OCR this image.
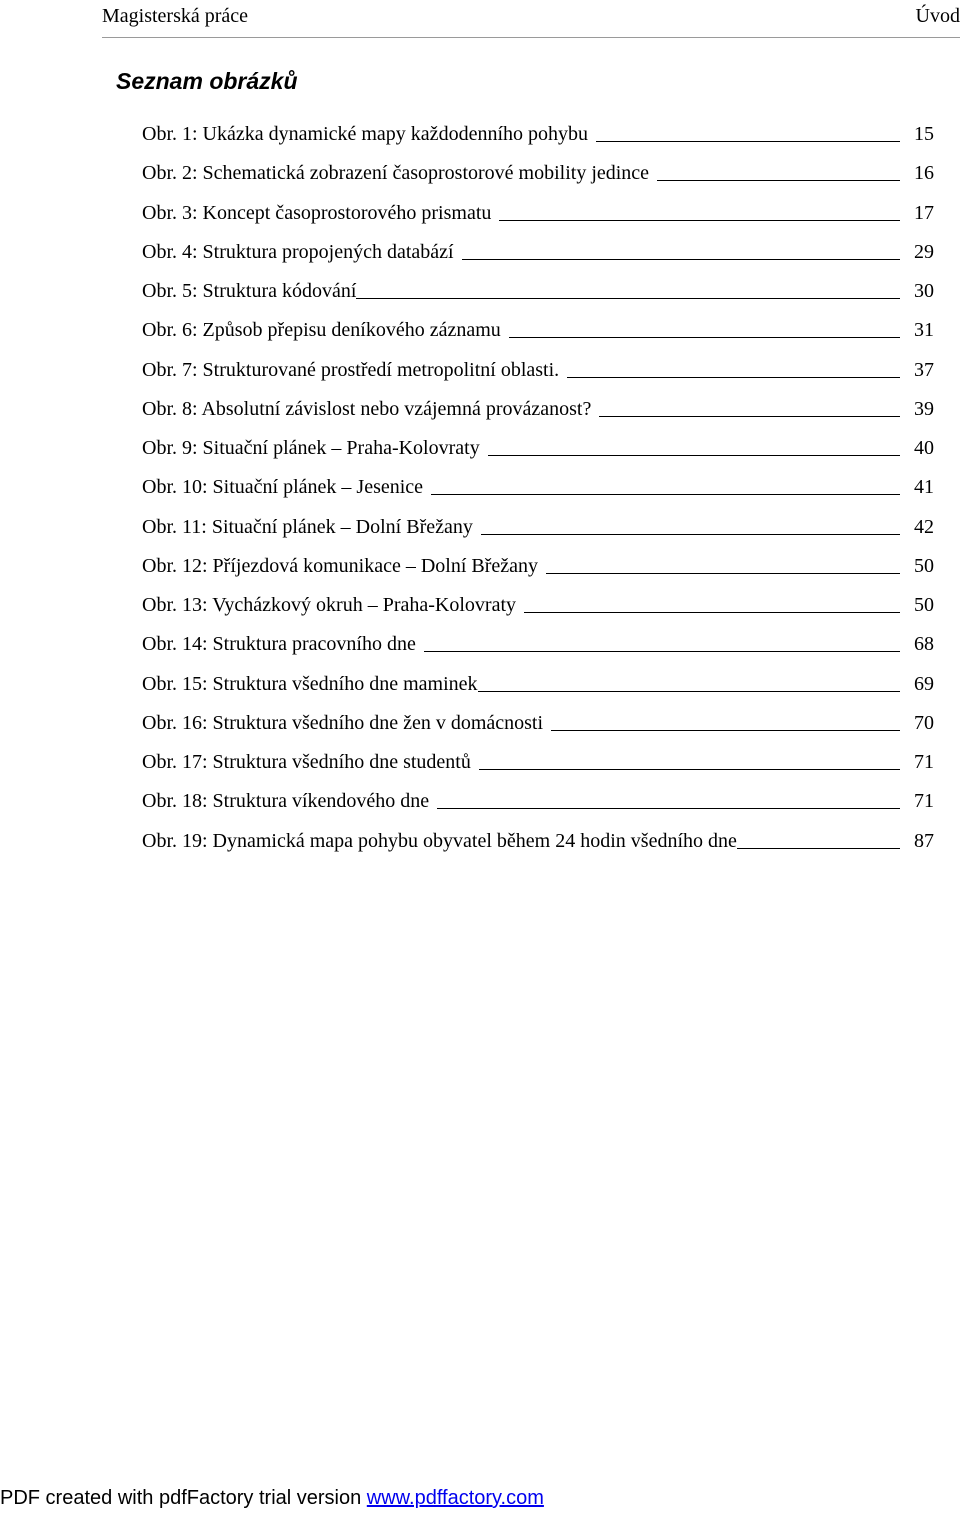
Magisterská práce	Úvod
Seznam obrázků
Obr. 1: Ukázka dynamické mapy každodenního pohybu	15
Obr. 2: Schematická zobrazení časoprostorové mobility jedince	16
Obr. 3: Koncept časoprostorového prismatu	17
Obr. 4: Struktura propojených databází	29
Obr. 5: Struktura kódování	30
Obr. 6: Způsob přepisu deníkového záznamu	31
Obr. 7: Strukturované prostředí metropolitní oblasti.	37
Obr. 8: Absolutní závislost nebo vzájemná provázanost?	39
Obr. 9: Situační plánek – Praha-Kolovraty	40
Obr. 10: Situační plánek – Jesenice	41
Obr. 11: Situační plánek – Dolní Břežany	42
Obr. 12: Příjezdová komunikace – Dolní Břežany	50
Obr. 13: Vycházkový okruh – Praha-Kolovraty	50
Obr. 14: Struktura pracovního dne	68
Obr. 15: Struktura všedního dne maminek	69
Obr. 16: Struktura všedního dne žen v domácnosti	70
Obr. 17: Struktura všedního dne studentů	71
Obr. 18: Struktura víkendového dne	71
Obr. 19: Dynamická mapa pohybu obyvatel během 24 hodin všedního dne	87
PDF created with pdfFactory trial version www.pdffactory.com
